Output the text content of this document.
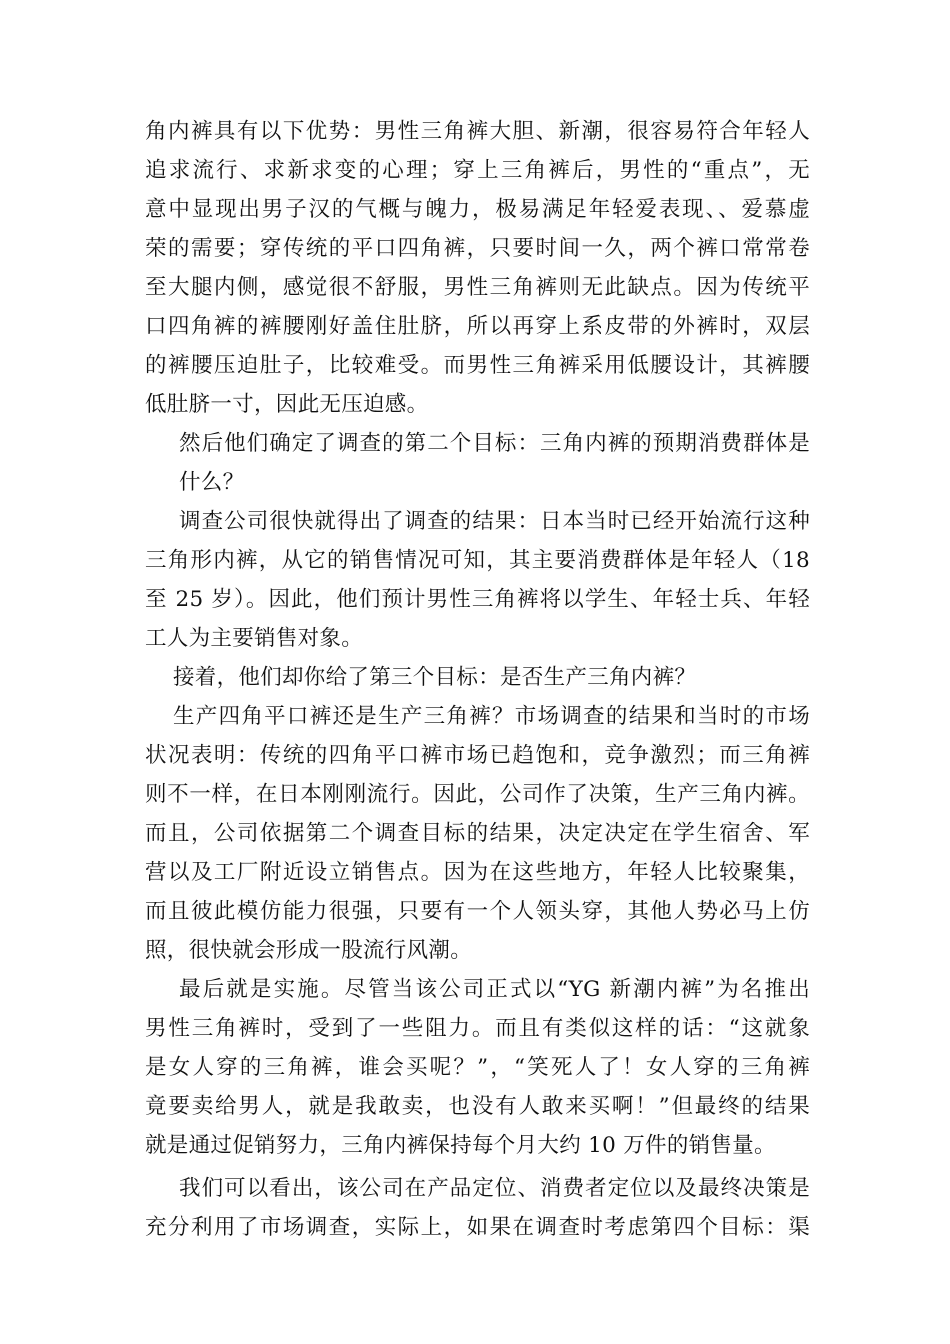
角内裤具有以下优势：男性三角裤大胆、新潮，很容易符合年轻人
追求流行、求新求变的心理；穿上三角裤后，男性的“重点”，无
意中显现出男子汉的气概与魄力，极易满足年轻爱表现、、爱慕虚
荣的需要；穿传统的平口四角裤，只要时间一久，两个裤口常常卷
至大腿内侧，感觉很不舒服，男性三角裤则无此缺点。因为传统平
口四角裤的裤腰刚好盖住肚脐，所以再穿上系皮带的外裤时，双层
的裤腰压迫肚子，比较难受。而男性三角裤采用低腰设计，其裤腰
低肚脐一寸，因此无压迫感。
然后他们确定了调查的第二个目标：三角内裤的预期消费群体是
什么？
调查公司很快就得出了调查的结果：日本当时已经开始流行这种
三角形内裤，从它的销售情况可知，其主要消费群体是年轻人（18
至 25 岁）。因此，他们预计男性三角裤将以学生、年轻士兵、年轻
工人为主要销售对象。
接着，他们却你给了第三个目标：是否生产三角内裤？
生产四角平口裤还是生产三角裤？市场调查的结果和当时的市场
状况表明：传统的四角平口裤市场已趋饱和，竞争激烈；而三角裤
则不一样，在日本刚刚流行。因此，公司作了决策，生产三角内裤。
而且，公司依据第二个调查目标的结果，决定决定在学生宿舍、军
营以及工厂附近设立销售点。因为在这些地方，年轻人比较聚集，
而且彼此模仿能力很强，只要有一个人领头穿，其他人势必马上仿
照，很快就会形成一股流行风潮。
最后就是实施。尽管当该公司正式以“YG 新潮内裤”为名推出
男性三角裤时，受到了一些阻力。而且有类似这样的话：“这就象
是女人穿的三角裤，谁会买呢？”，“笑死人了！女人穿的三角裤
竟要卖给男人，就是我敢卖，也没有人敢来买啊！”但最终的结果
就是通过促销努力，三角内裤保持每个月大约 10 万件的销售量。
我们可以看出，该公司在产品定位、消费者定位以及最终决策是
充分利用了市场调查，实际上，如果在调查时考虑第四个目标：渠
